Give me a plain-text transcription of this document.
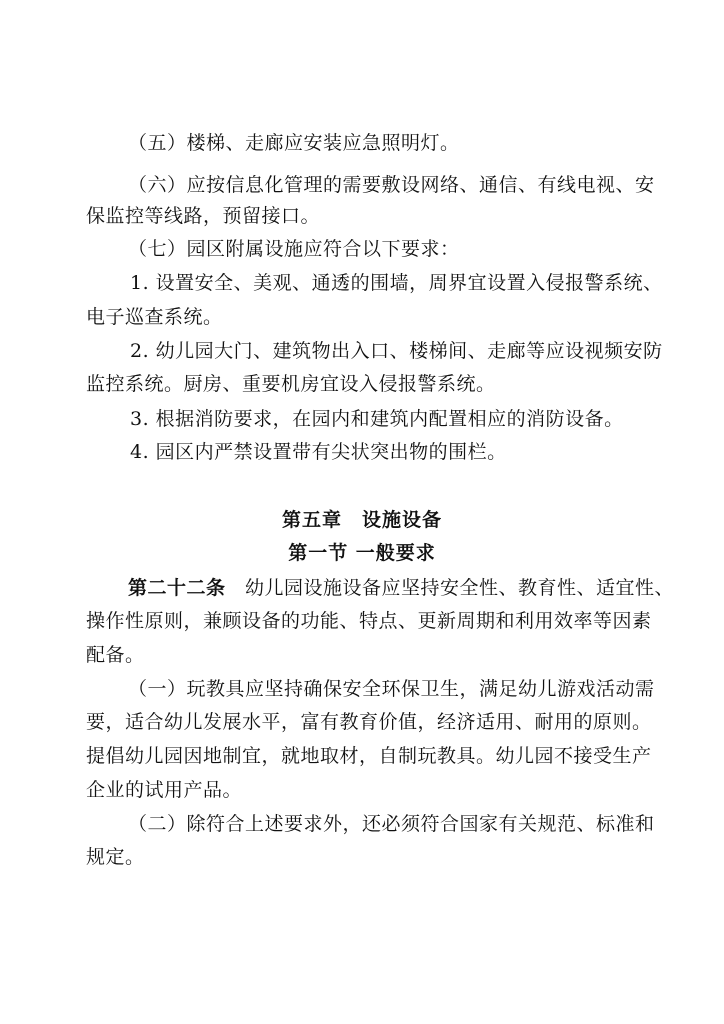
（五）楼梯、走廊应安装应急照明灯。
（六）应按信息化管理的需要敷设网络、通信、有线电视、安
保监控等线路，预留接口。
（七）园区附属设施应符合以下要求：
1. 设置安全、美观、通透的围墙，周界宜设置入侵报警系统、
电子巡查系统。
2. 幼儿园大门、建筑物出入口、楼梯间、走廊等应设视频安防
监控系统。厨房、重要机房宜设入侵报警系统。
3. 根据消防要求，在园内和建筑内配置相应的消防设备。
4. 园区内严禁设置带有尖状突出物的围栏。
第五章　设施设备
第一节 一般要求
第二十二条　幼儿园设施设备应坚持安全性、教育性、适宜性、
操作性原则，兼顾设备的功能、特点、更新周期和利用效率等因素
配备。
（一）玩教具应坚持确保安全环保卫生，满足幼儿游戏活动需
要，适合幼儿发展水平，富有教育价值，经济适用、耐用的原则。
提倡幼儿园因地制宜，就地取材，自制玩教具。幼儿园不接受生产
企业的试用产品。
（二）除符合上述要求外，还必须符合国家有关规范、标准和
规定。
